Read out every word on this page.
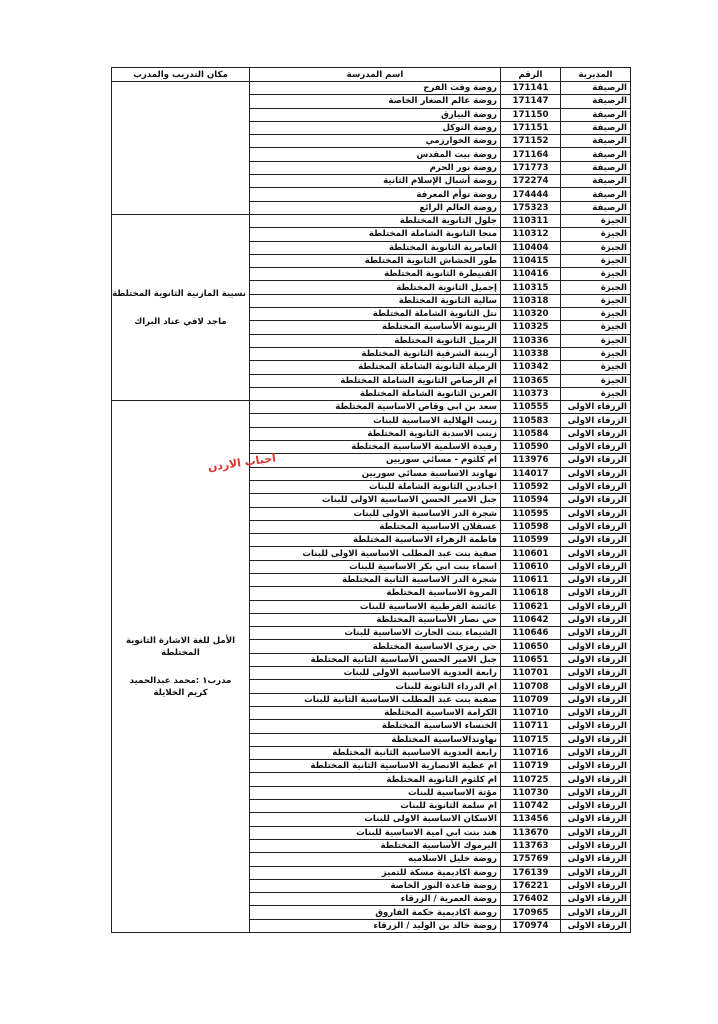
المديرية	الرقم	اسم المدرسة	مكان التدريب والمدرب
الرصيفة	171141	روضة وقت الفرح	
الرصيفة	171147	روضة عالم الصغار الخاصة	
الرصيفة	171150	روضة البيارق	
الرصيفة	171151	روضة التوكل	
الرصيفة	171152	روضة الخوارزمي	
الرصيفة	171164	روضة بيت المقدس	
الرصيفة	171773	روضة نور الحرم	
الرصيفة	172274	روضة أشبال الإسلام الثانية	
الرصيفة	174444	روضة توأم المعرفة	
الرصيفة	175323	روضة العالم الرائع	
الجيزة	110311	جلول الثانوية المختلطة	نسيبة المازنية الثانوية المختلطة
ماجد لافي عناد البراك

الجيزة	110312	منجا الثانوية الشاملة المختلطة	
الجيزة	110404	العامرية الثانوية المختلطة	
الجيزة	110415	طور الحشاش الثانوية المختلطة	
الجيزة	110416	القنيطرة الثانوية المختلطة	
الجيزة	110315	إجميل الثانوية المختلطة	
الجيزة	110318	سالية الثانوية المختلطة	
الجيزة	110320	نتل الثانوية الشاملة المختلطة	
الجيزة	110325	الزيتونة الأساسية المختلطة	
الجيزة	110336	الرميل الثانوية المختلطة	
الجيزة	110338	أرينبة الشرقية الثانوية المختلطة	
الجيزة	110342	الزميلة الثانوية الشاملة المختلطة	
الجيزة	110365	ام الرصاص الثانوية الشاملة المختلطة	
الجيزة	110373	العربن الثانوية الشاملة المختلطة	
الزرقاء الاولى	110555	سعد بن ابي وقاص الاساسية المختلطة	الأمل للغة الاشارة الثانوية
المختلطة
مدرب١ :محمد عبدالحميد
كريم الخلايلة

الزرقاء الاولى	110583	زينب الهلالية الاساسية للبنات	
الزرقاء الاولى	110584	زينب الاسدية الثانوية المختلطة	
الزرقاء الاولى	110590	رفيدة الاسلمية الاساسية المختلطة	
الزرقاء الاولى	113976	ام كلثوم - مسائي سوريين	
الزرقاء الاولى	114017	نهاوند الاساسية مسائي سوريين	
الزرقاء الاولى	110592	اجنادين الثانوية الشاملة للبنات	
الزرقاء الاولى	110594	جبل الامير الحسن الاساسية الاولى للبنات	
الزرقاء الاولى	110595	شجرة الدر الاساسية الاولى للبنات	
الزرقاء الاولى	110598	عسقلان الاساسية المختلطة	
الزرقاء الاولى	110599	فاطمة الزهراء الاساسية المختلطة	
الزرقاء الاولى	110601	صفية بنت عبد المطلب الاساسية الاولى للبنات	
الزرقاء الاولى	110610	اسماء بنت ابي بكر الاساسية للبنات	
الزرقاء الاولى	110611	شجرة الدر الاساسية الثانية المختلطة	
الزرقاء الاولى	110618	المروة الاساسية المختلطة	
الزرقاء الاولى	110621	عائشة القرطبية الاساسية للبنات	
الزرقاء الاولى	110642	حي نصار الأساسية المختلطة	
الزرقاء الاولى	110646	الشيماء بنت الحارث الاساسية للبنات	
الزرقاء الاولى	110650	حي رمزي الاساسية المختلطة	
الزرقاء الاولى	110651	جبل الامير الحسن الأساسية الثانية المختلطة	
الزرقاء الاولى	110701	رابعة العدوية الاساسية الاولى للبنات	
الزرقاء الاولى	110708	ام الدرداء الثانوية للبنات	
الزرقاء الاولى	110709	صفية بنت عبد المطلب الاساسية الثانية للبنات	
الزرقاء الاولى	110710	الكرامة الاساسية المختلطة	
الزرقاء الاولى	110711	الخنساء الاساسية المختلطة	
الزرقاء الاولى	110715	نهاوندالاساسية المختلطة	
الزرقاء الاولى	110716	رابعة العدوية الاساسية الثانية المختلطة	
الزرقاء الاولى	110719	ام عطية الانصارية الاساسية الثانية المختلطة	
الزرقاء الاولى	110725	ام كلثوم الثانوية المختلطة	
الزرقاء الاولى	110730	مؤتة الاساسية للبنات	
الزرقاء الاولى	110742	ام سلمة الثانوية للبنات	
الزرقاء الاولى	113456	الاسكان الاساسية الاولى للبنات	
الزرقاء الاولى	113670	هند بنت ابي امية الاساسية للبنات	
الزرقاء الاولى	113763	اليرموك الأساسية المختلطة	
الزرقاء الاولى	175769	روضة خليل الاسلاميه	
الزرقاء الاولى	176139	روضة اكاديمية مسكة للتميز	
الزرقاء الاولى	176221	روضة قاعدة النور الخاصة	
الزرقاء الاولى	176402	روضة العمرية / الزرقاء	
الزرقاء الاولى	170965	روضة اكاديمية حكمة الفاروق	
الزرقاء الاولى	170974	روضة خالد بن الوليد / الزرقاء	
احباب الاردن
